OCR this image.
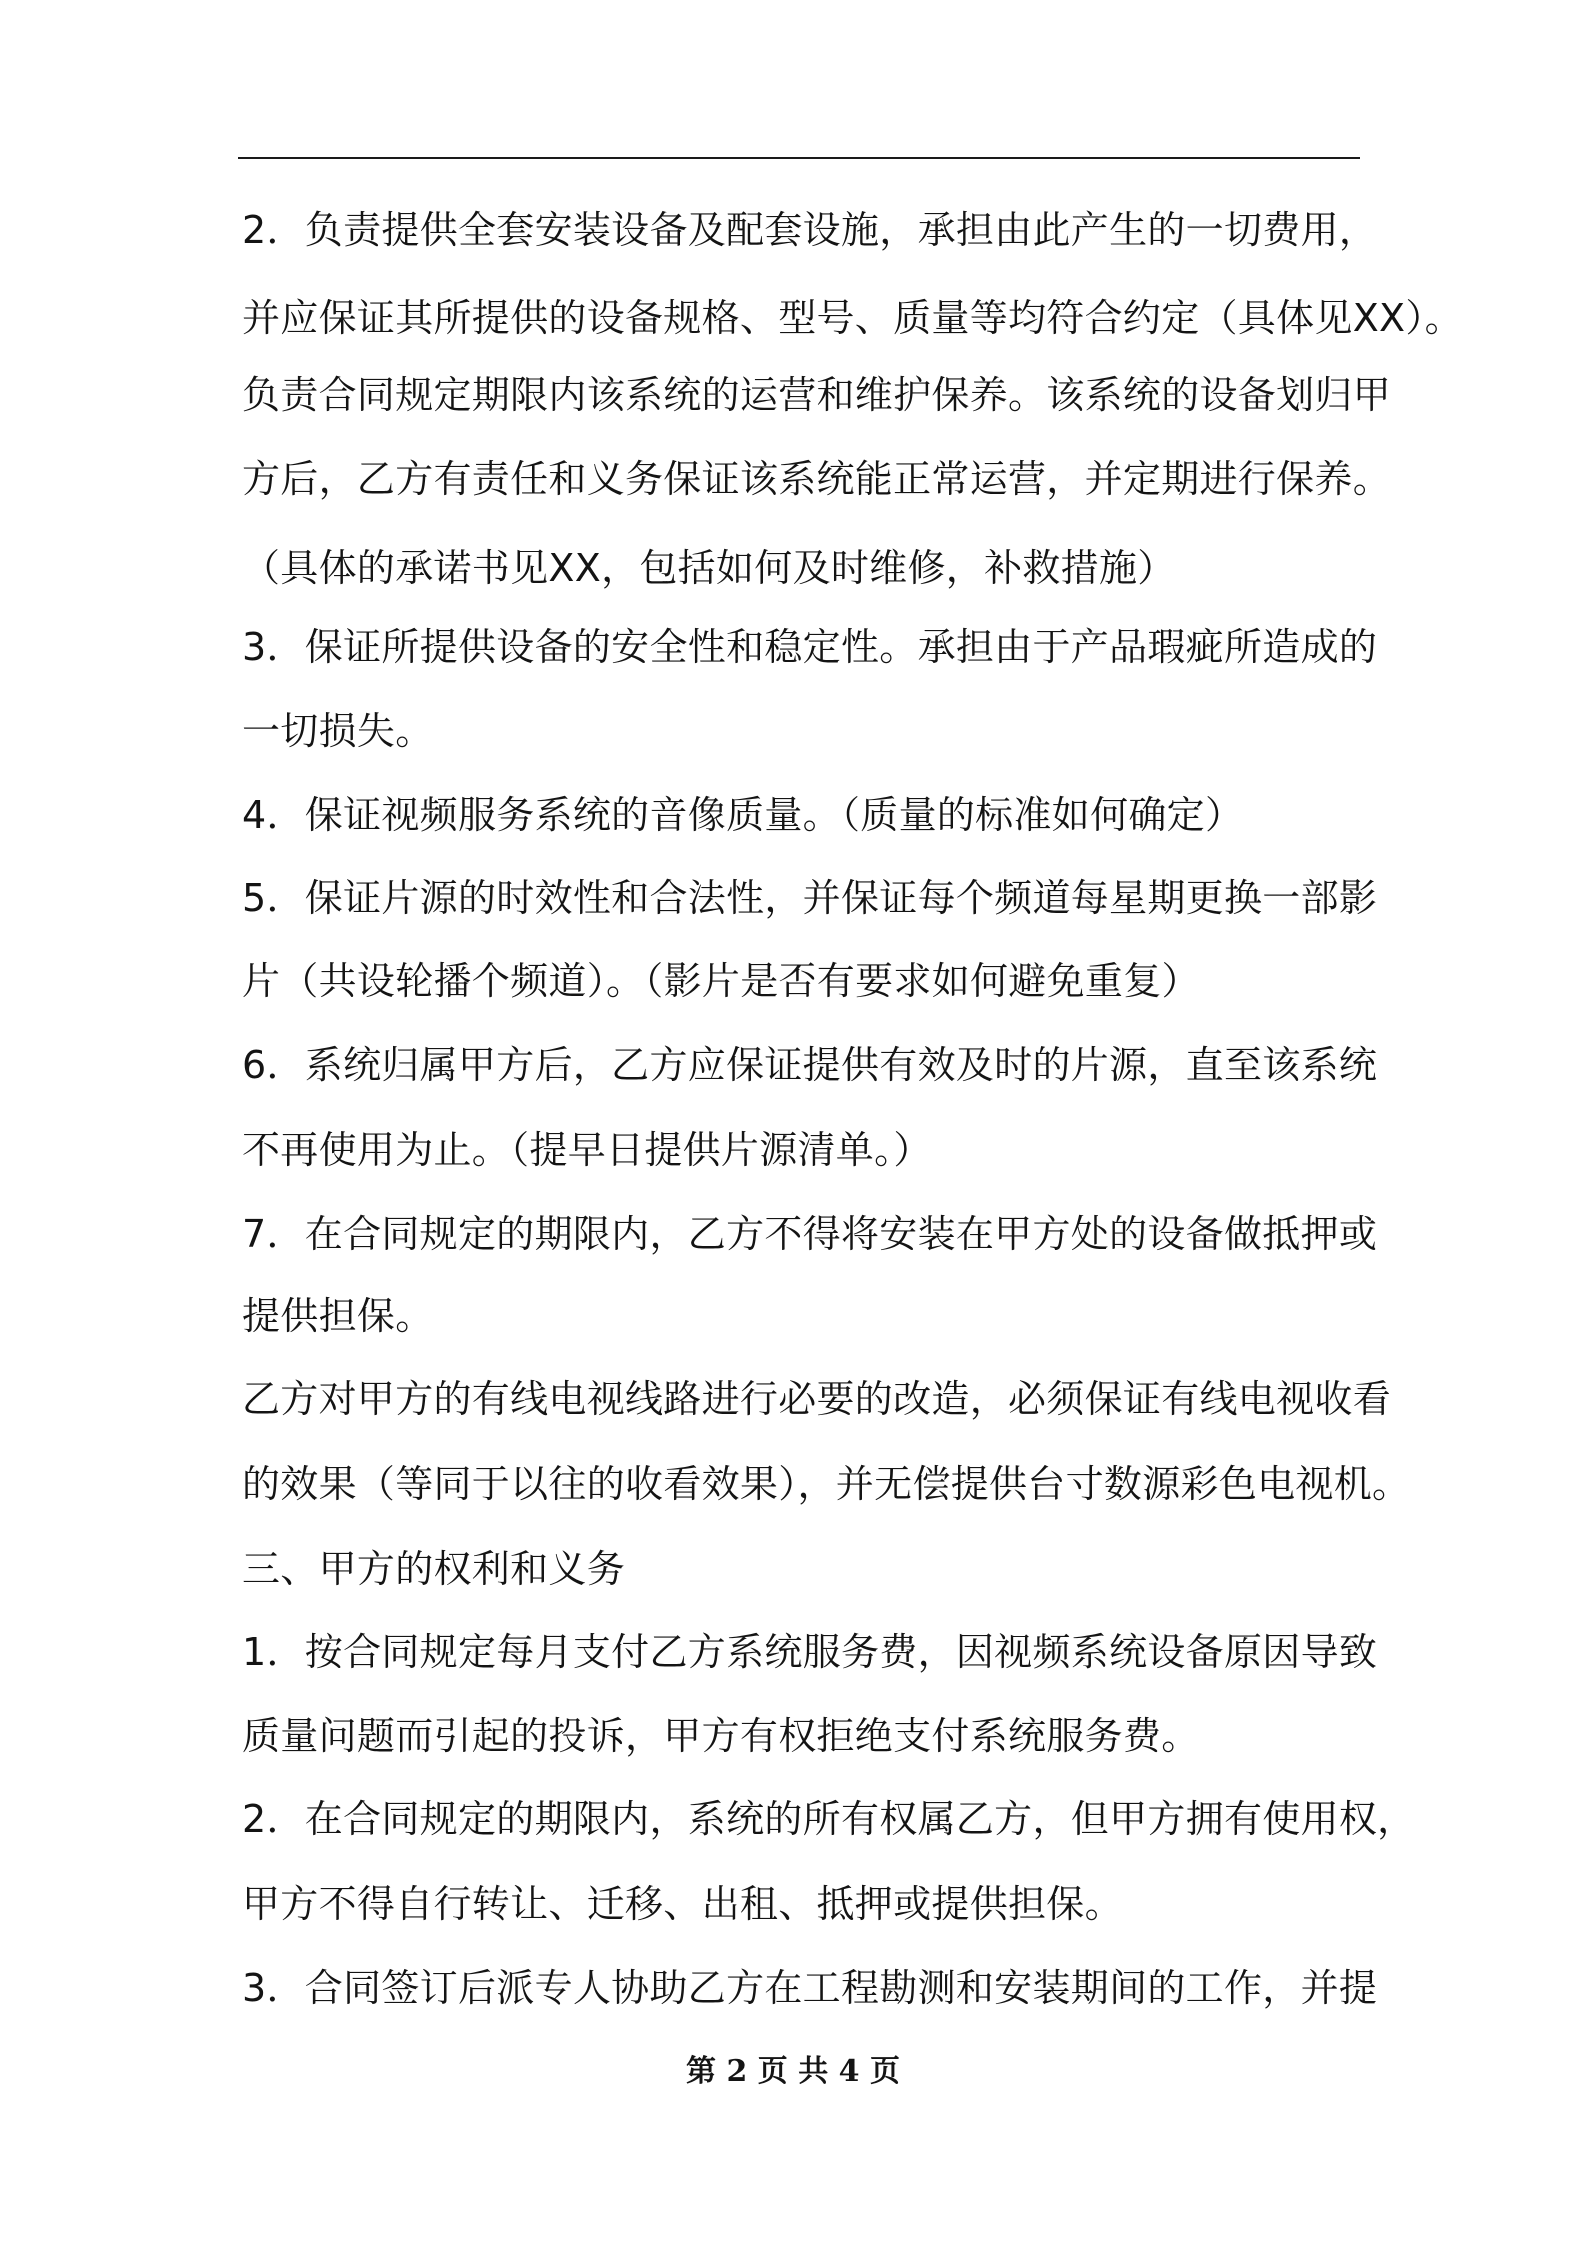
2．负责提供全套安装设备及配套设施，承担由此产生的一切费用，

并应保证其所提供的设备规格、型号、质量等均符合约定（具体见XX）。

负责合同规定期限内该系统的运营和维护保养。该系统的设备划归甲

方后，乙方有责任和义务保证该系统能正常运营，并定期进行保养。

（具体的承诺书见XX，包括如何及时维修，补救措施）

3．保证所提供设备的安全性和稳定性。承担由于产品瑕疵所造成的

一切损失。

4．保证视频服务系统的音像质量。（质量的标准如何确定）

5．保证片源的时效性和合法性，并保证每个频道每星期更换一部影

片（共设轮播个频道）。（影片是否有要求如何避免重复）

6．系统归属甲方后，乙方应保证提供有效及时的片源，直至该系统

不再使用为止。（提早日提供片源清单。）

7．在合同规定的期限内，乙方不得将安装在甲方处的设备做抵押或

提供担保。

乙方对甲方的有线电视线路进行必要的改造，必须保证有线电视收看

的效果（等同于以往的收看效果），并无偿提供台寸数源彩色电视机。

三、甲方的权利和义务

1．按合同规定每月支付乙方系统服务费，因视频系统设备原因导致

质量问题而引起的投诉，甲方有权拒绝支付系统服务费。

2．在合同规定的期限内，系统的所有权属乙方，但甲方拥有使用权，

甲方不得自行转让、迁移、出租、抵押或提供担保。

3．合同签订后派专人协助乙方在工程勘测和安装期间的工作，并提

第 2 页 共 4 页
